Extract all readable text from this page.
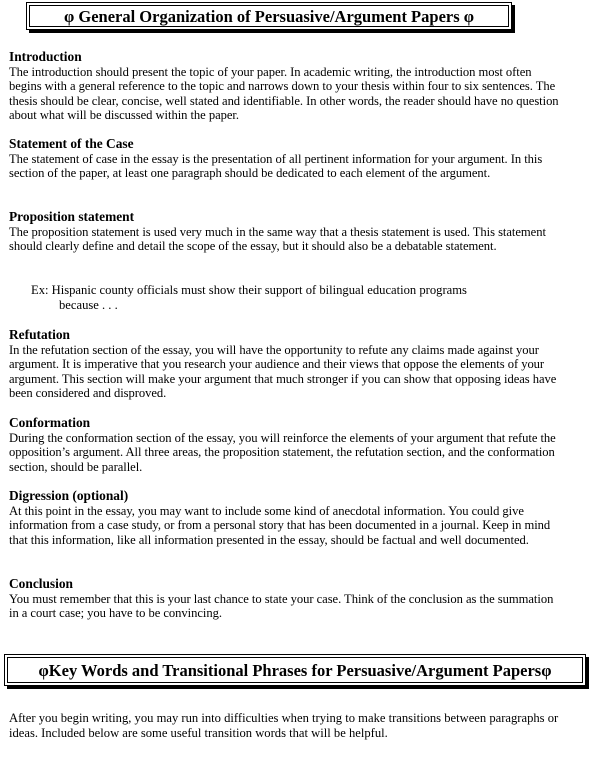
φ General Organization of Persuasive/Argument Papers φ
Introduction
The introduction should present the topic of your paper. In academic writing, the introduction most often begins with a general reference to the topic and narrows down to your thesis within four to six sentences. The thesis should be clear, concise, well stated and identifiable. In other words, the reader should have no question about what will be discussed within the paper.
Statement of the Case
The statement of case in the essay is the presentation of all pertinent information for your argument. In this section of the paper, at least one paragraph should be dedicated to each element of the argument.
Proposition statement
The proposition statement is used very much in the same way that a thesis statement is used. This statement should clearly define and detail the scope of the essay, but it should also be a debatable statement.
Ex: Hispanic county officials must show their support of bilingual education programs
because . . .
Refutation
In the refutation section of the essay, you will have the opportunity to refute any claims made against your argument. It is imperative that you research your audience and their views that oppose the elements of your argument. This section will make your argument that much stronger if you can show that opposing ideas have been considered and disproved.
Conformation
During the conformation section of the essay, you will reinforce the elements of your argument that refute the opposition’s argument. All three areas, the proposition statement, the refutation section, and the conformation section, should be parallel.
Digression (optional)
At this point in the essay, you may want to include some kind of anecdotal information. You could give information from a case study, or from a personal story that has been documented in a journal. Keep in mind that this information, like all information presented in the essay, should be factual and well documented.
Conclusion
You must remember that this is your last chance to state your case. Think of the conclusion as the summation in a court case; you have to be convincing.
φKey Words and Transitional Phrases for Persuasive/Argument Papersφ
After you begin writing, you may run into difficulties when trying to make transitions between paragraphs or ideas. Included below are some useful transition words that will be helpful.
